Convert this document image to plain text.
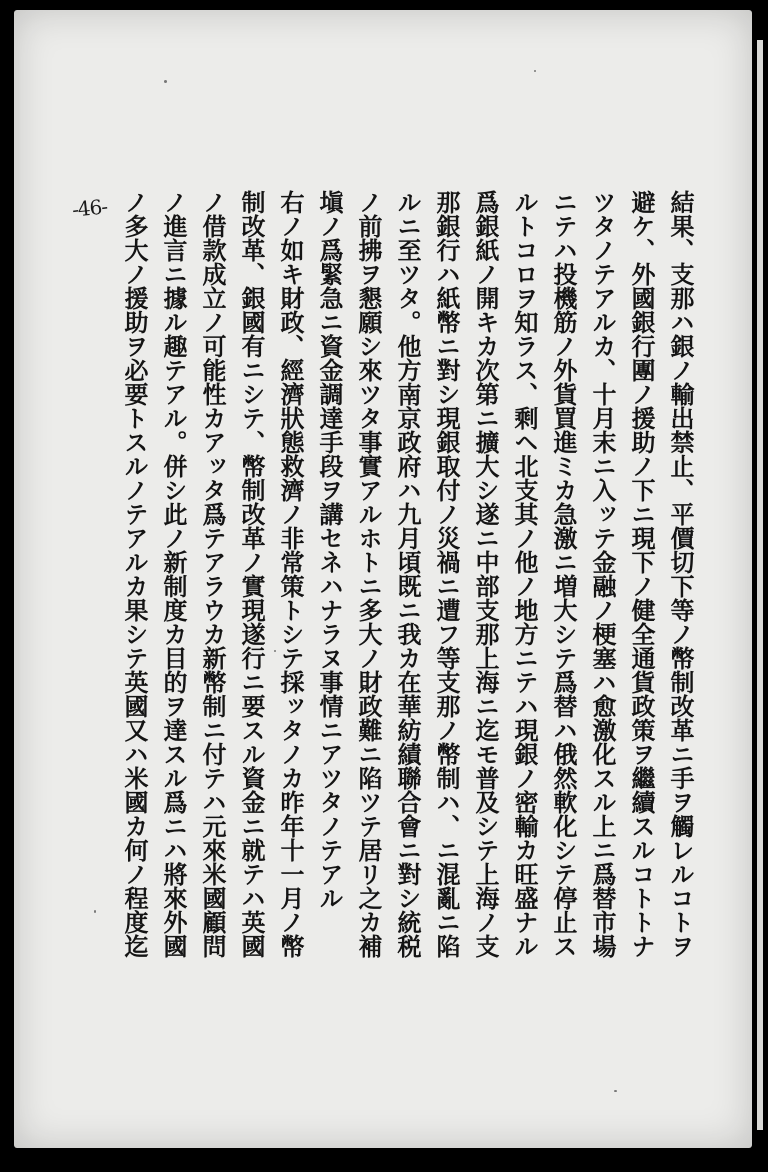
-46-	結果、支那ハ銀ノ輸出禁止、平價切下等ノ幣制改革ニ手ヲ觸レルコトヲ
避ケ、外國銀行團ノ援助ノ下ニ現下ノ健全通貨政策ヲ繼續スルコトトナ
ツタノテアルカ、十月末ニ入ッテ金融ノ梗塞ハ愈激化スル上ニ爲替市場
ニテハ投機筋ノ外貨買進ミカ急激ニ増大シテ爲替ハ俄然軟化シテ停止ス
ルトコロヲ知ラス、剩ヘ北支其ノ他ノ地方ニテハ現銀ノ密輸カ旺盛ナル
爲銀紙ノ開キカ次第ニ擴大シ遂ニ中部支那上海ニ迄モ普及シテ上海ノ支
那銀行ハ紙幣ニ對シ現銀取付ノ災禍ニ遭フ等支那ノ幣制ハ、ニ混亂ニ陷
ルニ至ツタ。他方南京政府ハ九月頃既ニ我カ在華紡績聯合會ニ對シ統税
ノ前拂ヲ懇願シ來ツタ事實アルホトニ多大ノ財政難ニ陷ツテ居リ之カ補
塡ノ爲緊急ニ資金調達手段ヲ講セネハナラヌ事情ニアツタノテアル
右ノ如キ財政、經濟狀態救濟ノ非常策トシテ採ッタノカ昨年十一月ノ幣
制改革、銀國有ニシテ、幣制改革ノ實現遂行ニ要スル資金ニ就テハ英國
ノ借款成立ノ可能性カアッタ爲テアラウカ新幣制ニ付テハ元來米國顧問
ノ進言ニ據ル趣テアル。併シ此ノ新制度カ目的ヲ達スル爲ニハ將來外國
ノ多大ノ援助ヲ必要トスルノテアルカ果シテ英國又ハ米國カ何ノ程度迄
